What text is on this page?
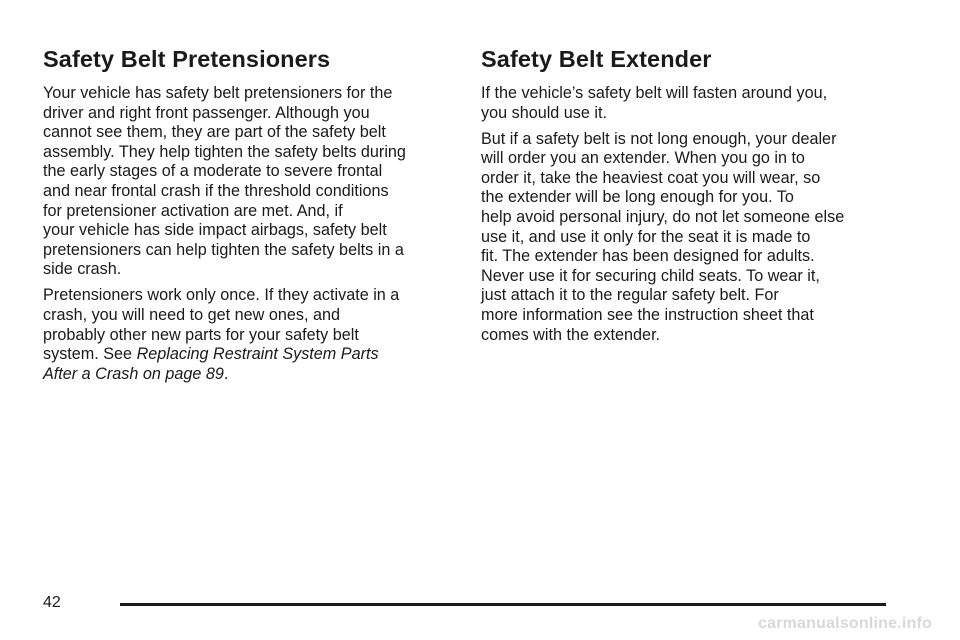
Safety Belt Pretensioners

Your vehicle has safety belt pretensioners for the
driver and right front passenger. Although you
cannot see them, they are part of the safety belt
assembly. They help tighten the safety belts during
the early stages of a moderate to severe frontal
and near frontal crash if the threshold conditions
for pretensioner activation are met. And, if
your vehicle has side impact airbags, safety belt
pretensioners can help tighten the safety belts in a
side crash.

Pretensioners work only once. If they activate in a
crash, you will need to get new ones, and
probably other new parts for your safety belt
system. See Replacing Restraint System Parts
After a Crash on page 89.

Safety Belt Extender

If the vehicle’s safety belt will fasten around you,
you should use it.

But if a safety belt is not long enough, your dealer
will order you an extender. When you go in to
order it, take the heaviest coat you will wear, so
the extender will be long enough for you. To
help avoid personal injury, do not let someone else
use it, and use it only for the seat it is made to
fit. The extender has been designed for adults.
Never use it for securing child seats. To wear it,
just attach it to the regular safety belt. For
more information see the instruction sheet that
comes with the extender.

42
carmanualsonline.info
